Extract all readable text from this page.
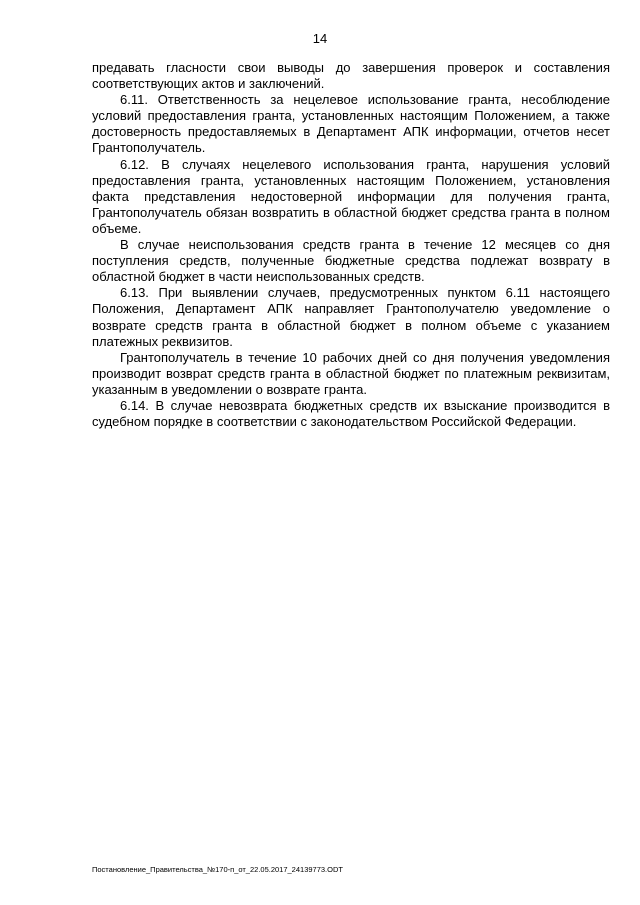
14

предавать гласности свои выводы до завершения проверок и составления соответствующих актов и заключений.

6.11. Ответственность за нецелевое использование гранта, несоблюдение условий предоставления гранта, установленных настоящим Положением, а также достоверность предоставляемых в Департамент АПК информации, отчетов несет Грантополучатель.

6.12. В случаях нецелевого использования гранта, нарушения условий предоставления гранта, установленных настоящим Положением, установления факта представления недостоверной информации для получения гранта, Грантополучатель обязан возвратить в областной бюджет средства гранта в полном объеме.

В случае неиспользования средств гранта в течение 12 месяцев со дня поступления средств, полученные бюджетные средства подлежат возврату в областной бюджет в части неиспользованных средств.

6.13. При выявлении случаев, предусмотренных пунктом 6.11 настоящего Положения, Департамент АПК направляет Грантополучателю уведомление о возврате средств гранта в областной бюджет в полном объеме с указанием платежных реквизитов.

Грантополучатель в течение 10 рабочих дней со дня получения уведомления производит возврат средств гранта в областной бюджет по платежным реквизитам, указанным в уведомлении о возврате гранта.

6.14. В случае невозврата бюджетных средств их взыскание производится в судебном порядке в соответствии с законодательством Российской Федерации.

Постановление_Правительства_№170-п_от_22.05.2017_24139773.ODT
